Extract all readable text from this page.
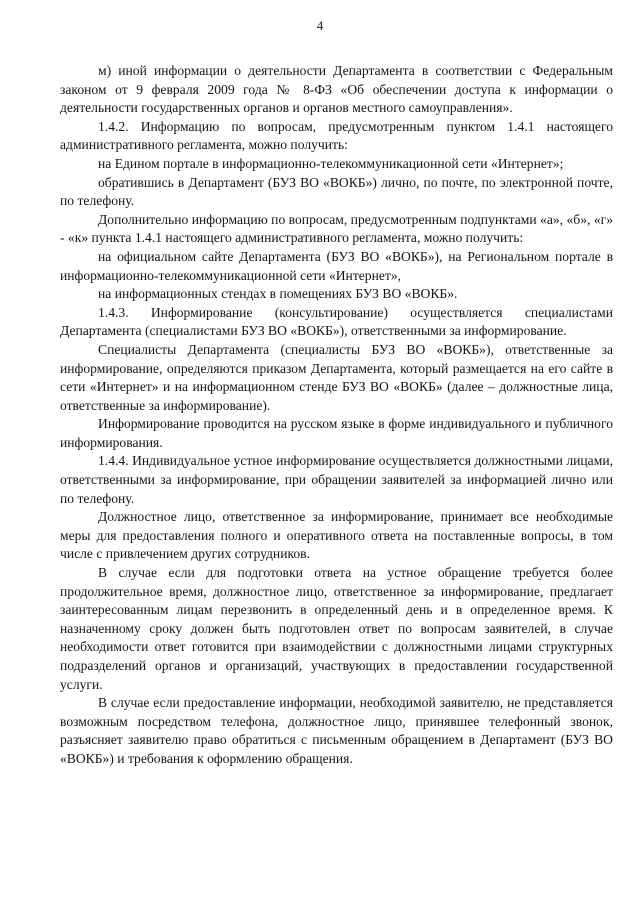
4

м) иной информации о деятельности Департамента в соответствии с Федеральным законом от 9 февраля 2009 года № 8-ФЗ «Об обеспечении доступа к информации о деятельности государственных органов и органов местного самоуправления».

1.4.2. Информацию по вопросам, предусмотренным пунктом 1.4.1 настоящего административного регламента, можно получить:

на Едином портале в информационно-телекоммуникационной сети «Интернет»;

обратившись в Департамент (БУЗ ВО «ВОКБ») лично, по почте, по электронной почте, по телефону.

Дополнительно информацию по вопросам, предусмотренным подпунктами «а», «б», «г» - «к» пункта 1.4.1 настоящего административного регламента, можно получить:

на официальном сайте Департамента (БУЗ ВО «ВОКБ»), на Региональном портале в информационно-телекоммуникационной сети «Интернет»,

на информационных стендах в помещениях БУЗ ВО «ВОКБ».

1.4.3. Информирование (консультирование) осуществляется специалистами Департамента (специалистами БУЗ ВО «ВОКБ»), ответственными за информирование.

Специалисты Департамента (специалисты БУЗ ВО «ВОКБ»), ответственные за информирование, определяются приказом Департамента, который размещается на его сайте в сети «Интернет» и на информационном стенде БУЗ ВО «ВОКБ» (далее – должностные лица, ответственные за информирование).

Информирование проводится на русском языке в форме индивидуального и публичного информирования.

1.4.4. Индивидуальное устное информирование осуществляется должностными лицами, ответственными за информирование, при обращении заявителей за информацией лично или по телефону.

Должностное лицо, ответственное за информирование, принимает все необходимые меры для предоставления полного и оперативного ответа на поставленные вопросы, в том числе с привлечением других сотрудников.

В случае если для подготовки ответа на устное обращение требуется более продолжительное время, должностное лицо, ответственное за информирование, предлагает заинтересованным лицам перезвонить в определенный день и в определенное время. К назначенному сроку должен быть подготовлен ответ по вопросам заявителей, в случае необходимости ответ готовится при взаимодействии с должностными лицами структурных подразделений органов и организаций, участвующих в предоставлении государственной услуги.

В случае если предоставление информации, необходимой заявителю, не представляется возможным посредством телефона, должностное лицо, принявшее телефонный звонок, разъясняет заявителю право обратиться с письменным обращением в Департамент (БУЗ ВО «ВОКБ») и требования к оформлению обращения.
